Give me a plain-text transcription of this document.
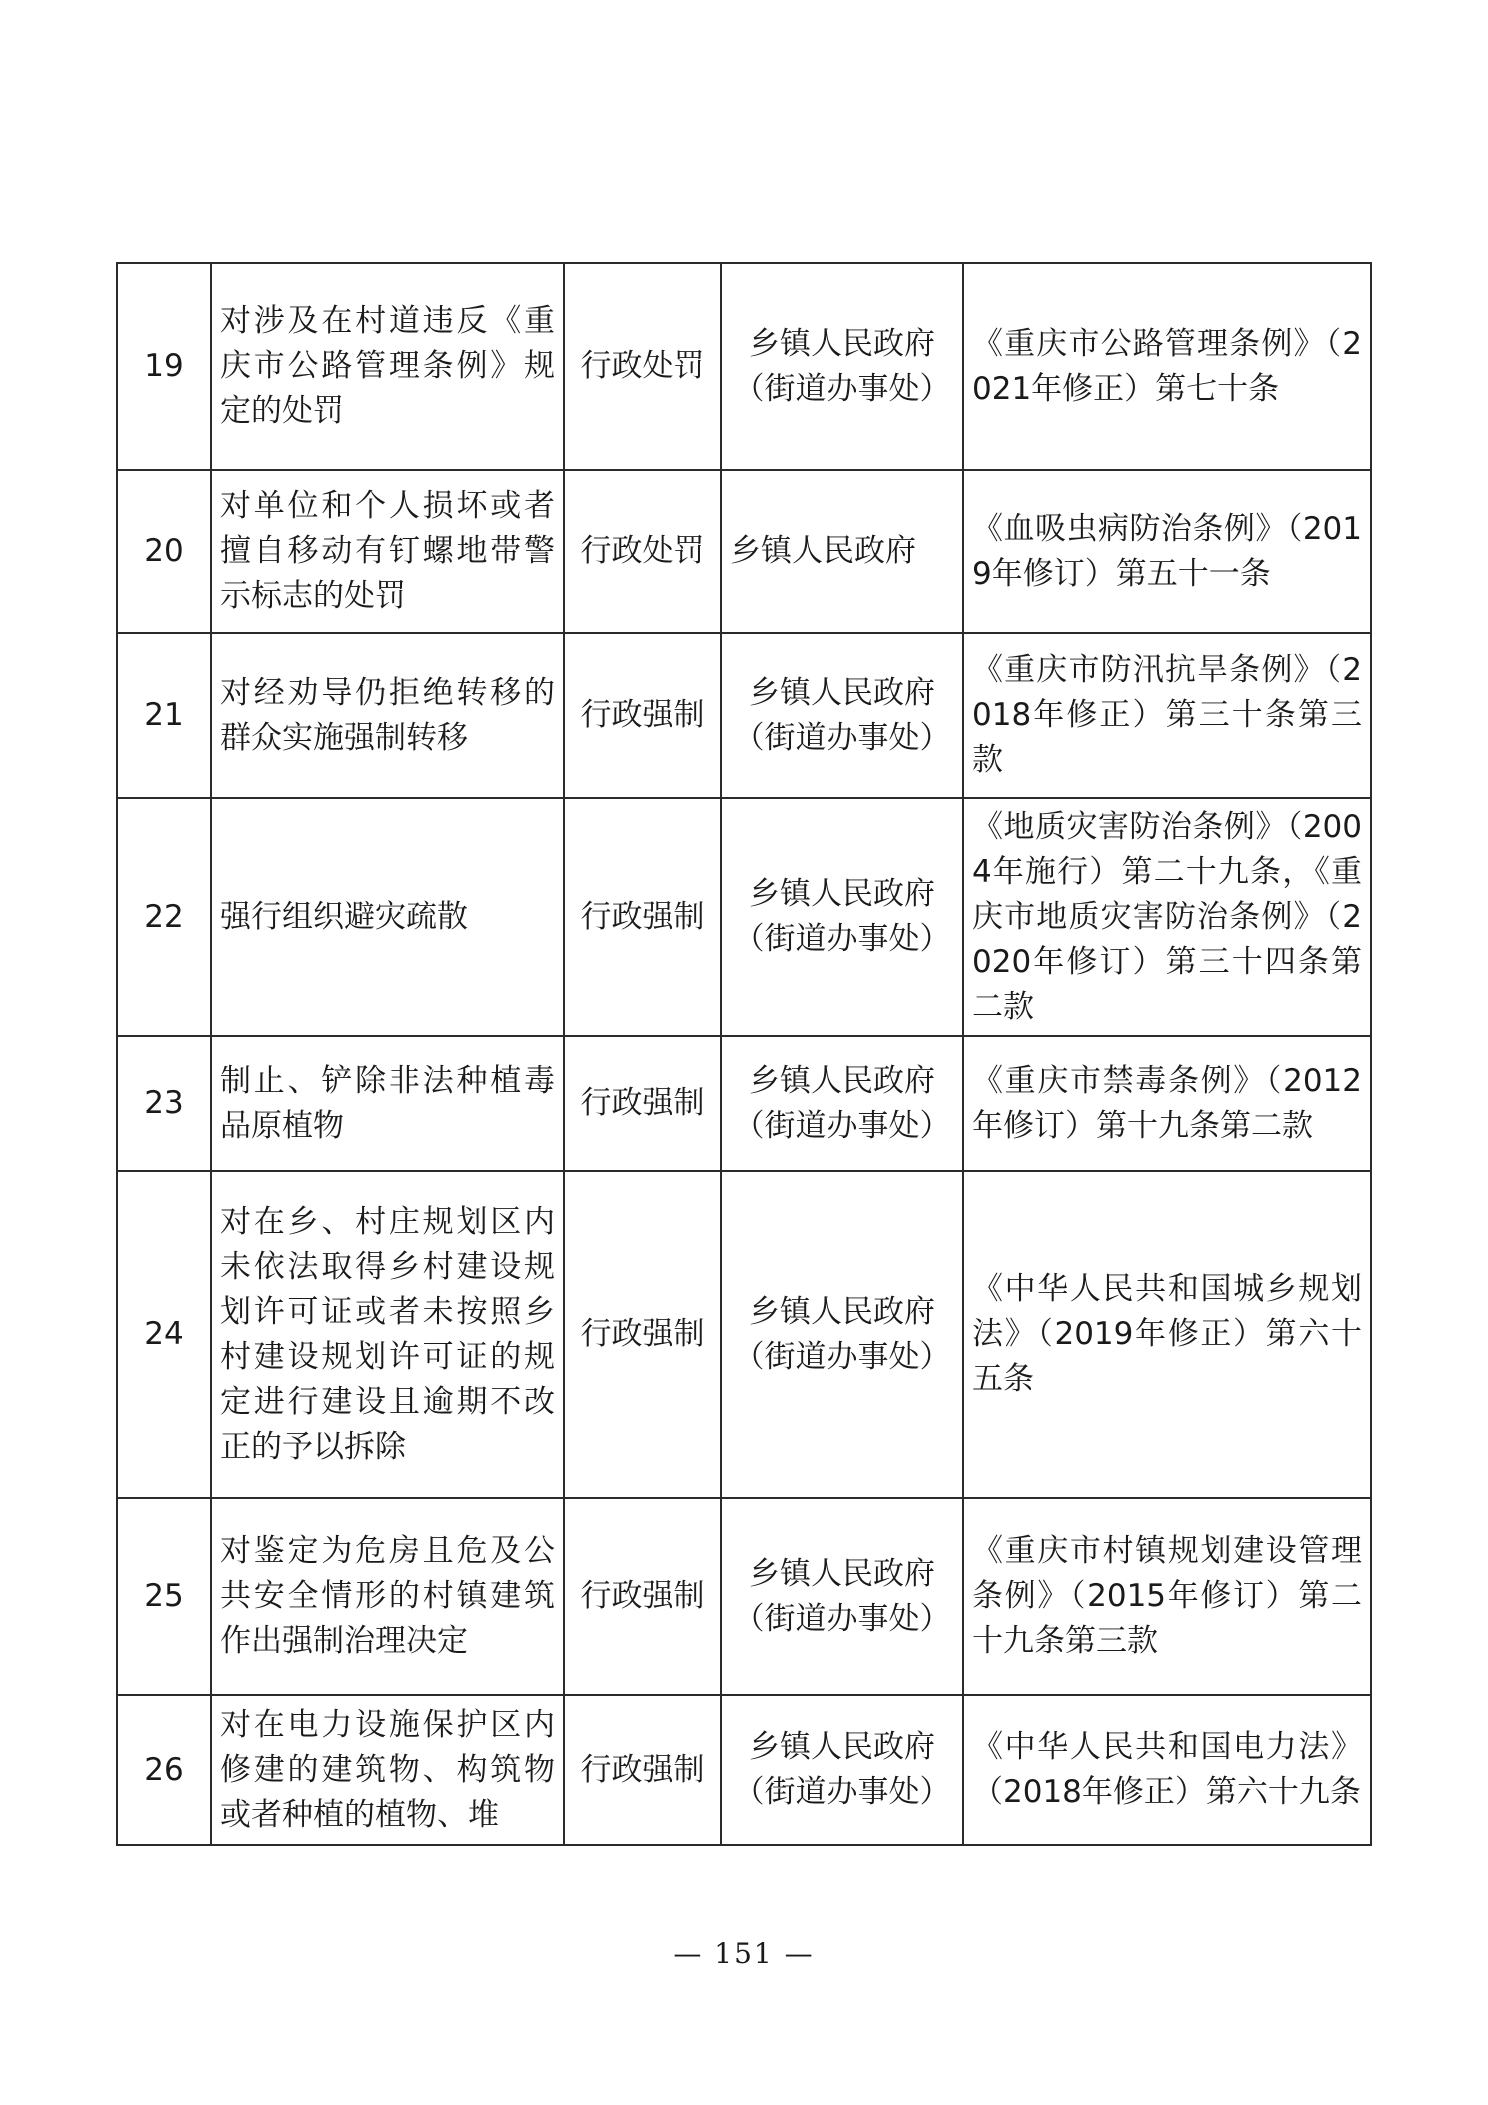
19	对涉及在村道违反《重庆市公路管理条例》规定的处罚	行政处罚	乡镇人民政府（街道办事处）	《重庆市公路管理条例》（2021年修正）第七十条
20	对单位和个人损坏或者擅自移动有钉螺地带警示标志的处罚	行政处罚	乡镇人民政府	《血吸虫病防治条例》（2019年修订）第五十一条
21	对经劝导仍拒绝转移的群众实施强制转移	行政强制	乡镇人民政府（街道办事处）	《重庆市防汛抗旱条例》（2018年修正）第三十条第三款
22	强行组织避灾疏散	行政强制	乡镇人民政府（街道办事处）	《地质灾害防治条例》（2004年施行）第二十九条，《重庆市地质灾害防治条例》（2020年修订）第三十四条第二款
23	制止、铲除非法种植毒品原植物	行政强制	乡镇人民政府（街道办事处）	《重庆市禁毒条例》（2012年修订）第十九条第二款
24	对在乡、村庄规划区内未依法取得乡村建设规划许可证或者未按照乡村建设规划许可证的规定进行建设且逾期不改正的予以拆除	行政强制	乡镇人民政府（街道办事处）	《中华人民共和国城乡规划法》（2019年修正）第六十五条
25	对鉴定为危房且危及公共安全情形的村镇建筑作出强制治理决定	行政强制	乡镇人民政府（街道办事处）	《重庆市村镇规划建设管理条例》（2015年修订）第二十九条第三款
26	对在电力设施保护区内修建的建筑物、构筑物或者种植的植物、堆	行政强制	乡镇人民政府（街道办事处）	《中华人民共和国电力法》（2018年修正）第六十九条
— 151 —
